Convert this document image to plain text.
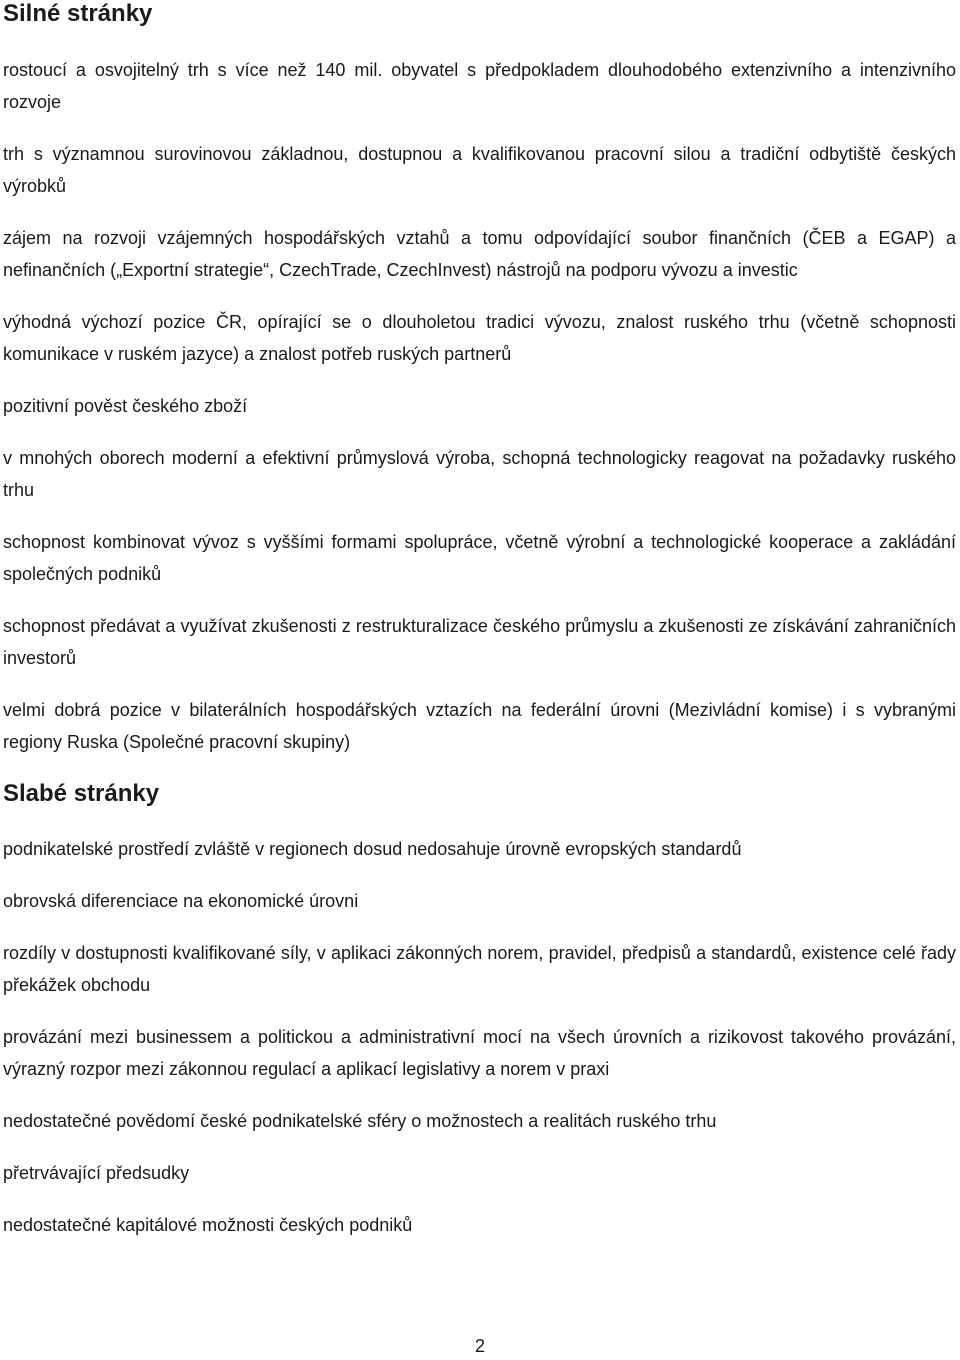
Silné stránky

rostoucí a osvojitelný trh s více než 140 mil. obyvatel s předpokladem dlouhodobého extenzivního a intenzivního rozvoje

trh s významnou surovinovou základnou, dostupnou a kvalifikovanou pracovní silou a tradiční odbytiště českých výrobků

zájem na rozvoji vzájemných hospodářských vztahů a tomu odpovídající soubor finančních (ČEB a EGAP) a nefinančních („Exportní strategie“, CzechTrade, CzechInvest) nástrojů na podporu vývozu a investic

výhodná výchozí pozice ČR, opírající se o dlouholetou tradici vývozu, znalost ruského trhu (včetně schopnosti komunikace v ruském jazyce) a znalost potřeb ruských partnerů

pozitivní pověst českého zboží

v mnohých oborech moderní a efektivní průmyslová výroba, schopná technologicky reagovat na požadavky ruského trhu

schopnost kombinovat vývoz s vyššími formami spolupráce, včetně výrobní a technologické kooperace a zakládání společných podniků

schopnost předávat a využívat zkušenosti z restrukturalizace českého průmyslu a zkušenosti ze získávání zahraničních investorů

velmi dobrá pozice v bilaterálních hospodářských vztazích na federální úrovni (Mezivládní komise) i s vybranými regiony Ruska (Společné pracovní skupiny)

Slabé stránky

podnikatelské prostředí zvláště v regionech dosud nedosahuje úrovně evropských standardů

obrovská diferenciace na ekonomické úrovni

rozdíly v dostupnosti kvalifikované síly, v aplikaci zákonných norem, pravidel, předpisů a standardů, existence celé řady překážek obchodu

provázání mezi businessem a politickou a administrativní mocí na všech úrovních a rizikovost takového provázání, výrazný rozpor mezi zákonnou regulací a aplikací legislativy a norem v praxi

nedostatečné povědomí české podnikatelské sféry o možnostech a realitách ruského trhu

přetrvávající předsudky

nedostatečné kapitálové možnosti českých podniků

2
